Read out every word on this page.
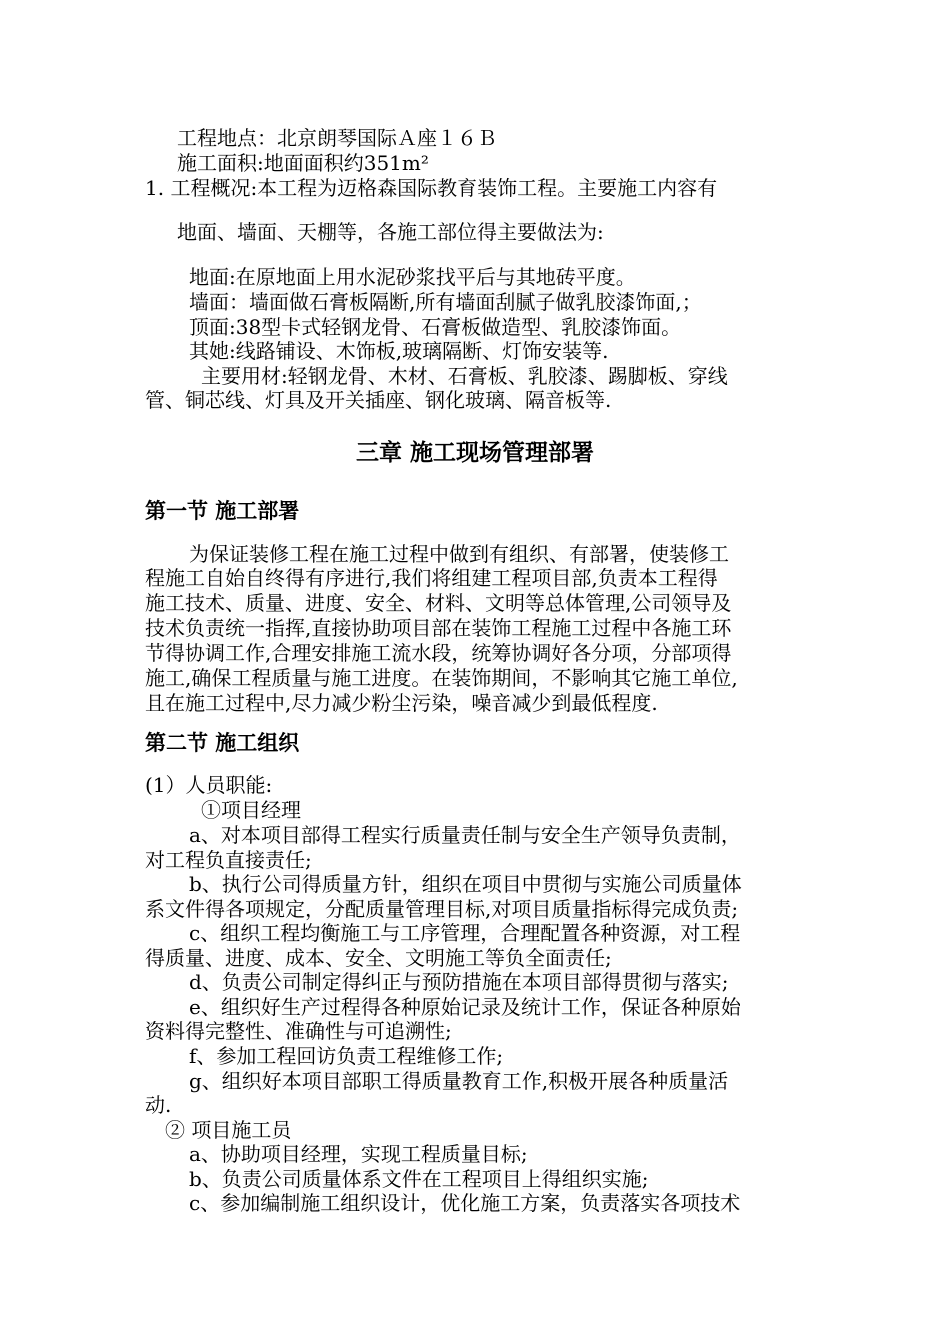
工程地点：北京朗琴国际Ａ座１６Ｂ
施工面积:地面面积约351m²
1. 工程概况:本工程为迈格森国际教育装饰工程。主要施工内容有
地面、墙面、天棚等，各施工部位得主要做法为:
地面:在原地面上用水泥砂浆找平后与其地砖平度。
墙面：墙面做石膏板隔断,所有墙面刮腻子做乳胶漆饰面,；
顶面:38型卡式轻钢龙骨、石膏板做造型、乳胶漆饰面。
其她:线路铺设、木饰板,玻璃隔断、灯饰安装等.
主要用材:轻钢龙骨、木材、石膏板、乳胶漆、踢脚板、穿线
管、铜芯线、灯具及开关插座、钢化玻璃、隔音板等.
三章 施工现场管理部署
第一节 施工部署
为保证装修工程在施工过程中做到有组织、有部署，使装修工
程施工自始自终得有序进行,我们将组建工程项目部,负责本工程得
施工技术、质量、进度、安全、材料、文明等总体管理,公司领导及
技术负责统一指挥,直接协助项目部在装饰工程施工过程中各施工环
节得协调工作,合理安排施工流水段，统筹协调好各分项，分部项得
施工,确保工程质量与施工进度。在装饰期间，不影响其它施工单位,
且在施工过程中,尽力减少粉尘污染，噪音减少到最低程度.
第二节 施工组织
(1）人员职能:
①项目经理
a、对本项目部得工程实行质量责任制与安全生产领导负责制，
对工程负直接责任;
b、执行公司得质量方针，组织在项目中贯彻与实施公司质量体
系文件得各项规定，分配质量管理目标,对项目质量指标得完成负责;
c、组织工程均衡施工与工序管理，合理配置各种资源，对工程
得质量、进度、成本、安全、文明施工等负全面责任;
d、负责公司制定得纠正与预防措施在本项目部得贯彻与落实;
e、组织好生产过程得各种原始记录及统计工作，保证各种原始
资料得完整性、准确性与可追溯性;
f、参加工程回访负责工程维修工作;
g、组织好本项目部职工得质量教育工作,积极开展各种质量活
动.
② 项目施工员
a、协助项目经理，实现工程质量目标;
b、负责公司质量体系文件在工程项目上得组织实施;
c、参加编制施工组织设计，优化施工方案，负责落实各项技术
